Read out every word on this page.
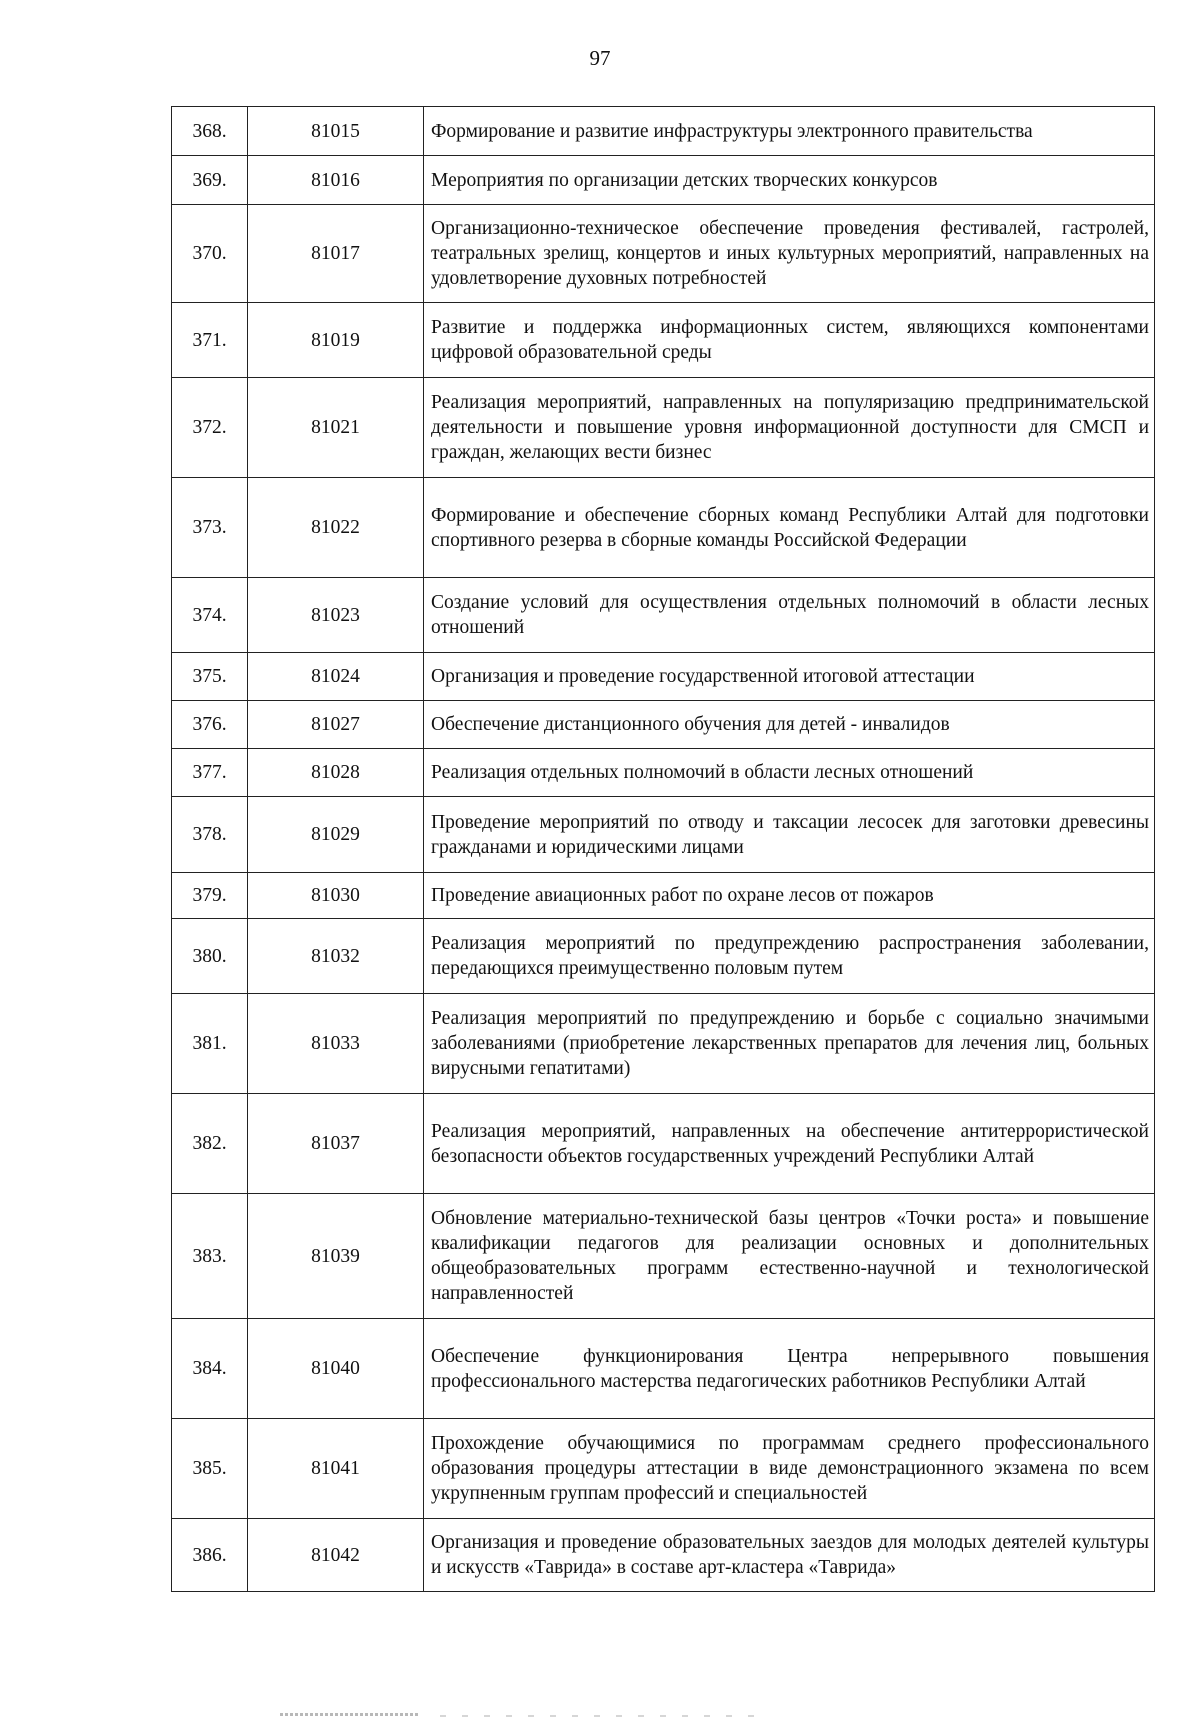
97
368.	81015	Формирование и развитие инфраструктуры электронного правительства
369.	81016	Мероприятия по организации детских творческих конкурсов
370.	81017	Организационно-техническое обеспечение проведения фестивалей, гастролей, театральных зрелищ, концертов и иных культурных мероприятий, направленных на удовлетворение духовных потребностей
371.	81019	Развитие и поддержка информационных систем, являющихся компонентами цифровой образовательной среды
372.	81021	Реализация мероприятий, направленных на популяризацию предпринимательской деятельности и повышение уровня информационной доступности для СМСП и граждан, желающих вести бизнес
373.	81022	Формирование и обеспечение сборных команд Республики Алтай для подготовки спортивного резерва в сборные команды Российской Федерации
374.	81023	Создание условий для осуществления отдельных полномочий в области лесных отношений
375.	81024	Организация и проведение государственной итоговой аттестации
376.	81027	Обеспечение дистанционного обучения для детей - инвалидов
377.	81028	Реализация отдельных полномочий в области лесных отношений
378.	81029	Проведение мероприятий по отводу и таксации лесосек для заготовки древесины гражданами и юридическими лицами
379.	81030	Проведение авиационных работ по охране лесов от пожаров
380.	81032	Реализация мероприятий по предупреждению распространения заболевании, передающихся преимущественно половым путем
381.	81033	Реализация мероприятий по предупреждению и борьбе с социально значимыми заболеваниями (приобретение лекарственных препаратов для лечения лиц, больных вирусными гепатитами)
382.	81037	Реализация мероприятий, направленных на обеспечение антитеррористической безопасности объектов государственных учреждений Республики Алтай
383.	81039	Обновление материально-технической базы центров «Точки роста» и повышение квалификации педагогов для реализации основных и дополнительных общеобразовательных программ естественно-научной и технологической направленностей
384.	81040	Обеспечение функционирования Центра непрерывного повышения профессионального мастерства педагогических работников Республики Алтай
385.	81041	Прохождение обучающимися по программам среднего профессионального образования процедуры аттестации в виде демонстрационного экзамена по всем укрупненным группам профессий и специальностей
386.	81042	Организация и проведение образовательных заездов для молодых деятелей культуры и искусств «Таврида» в составе арт-кластера «Таврида»
